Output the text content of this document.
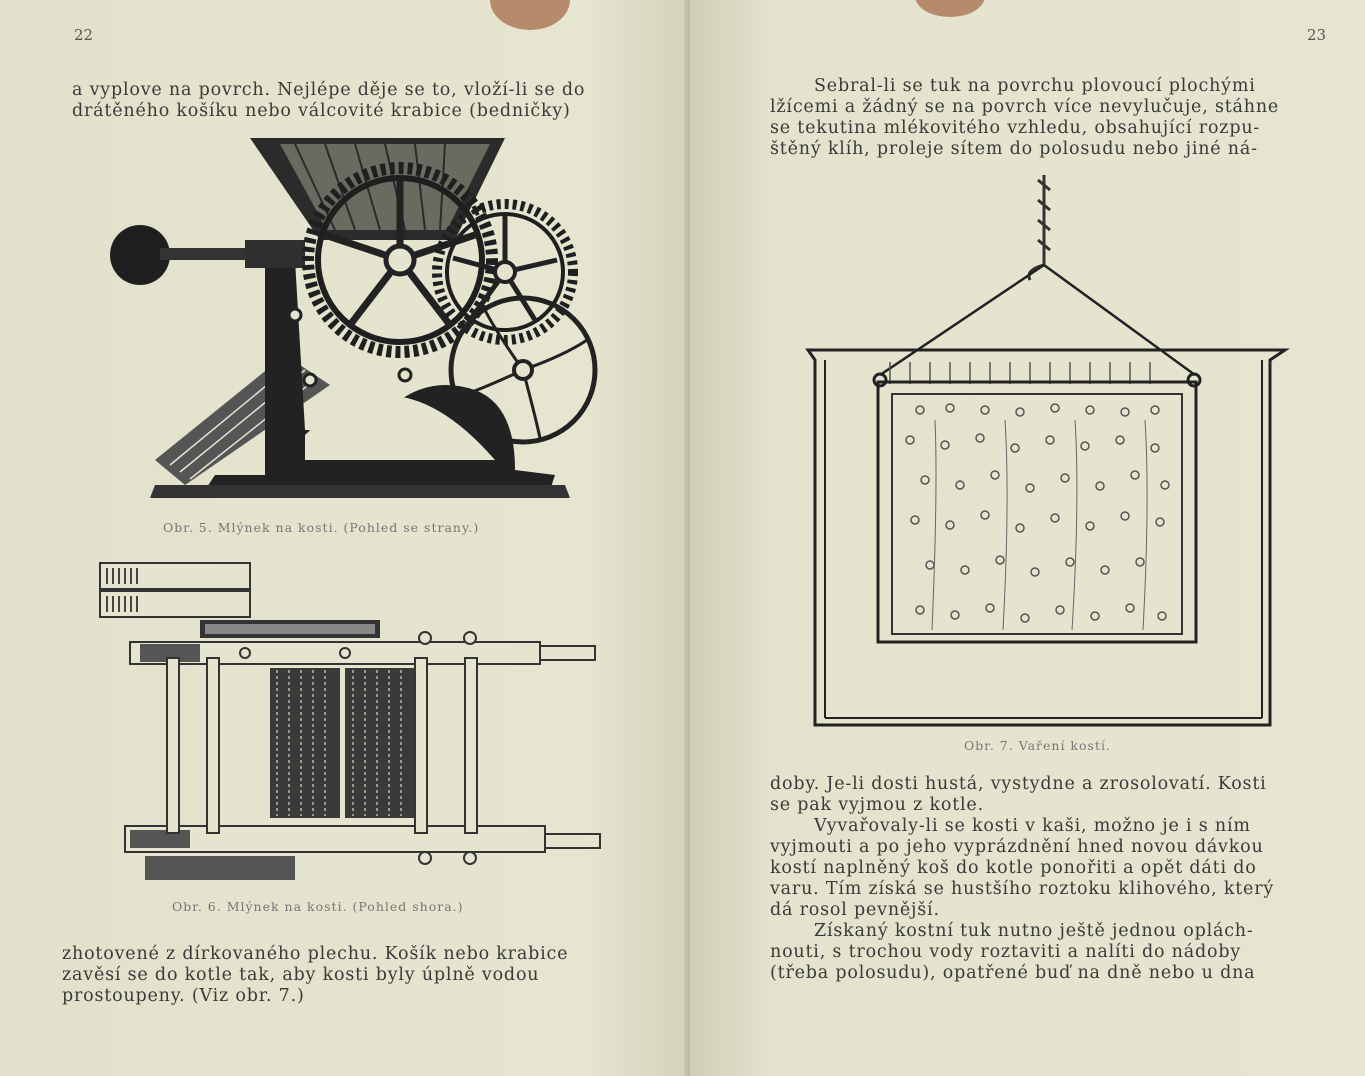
22

a vyplove na povrch. Nejlépe děje se to, vloží-li se do

drátěného košíku nebo válcovité krabice (bedničky)

Obr. 5. Mlýnek na kosti. (Pohled se strany.)
Obr. 6. Mlýnek na kosti. (Pohled shora.)

zhotovené z dírkovaného plechu. Košík nebo krabice

zavěsí se do kotle tak, aby kosti byly úplně vodou

prostoupeny. (Viz obr. 7.)

23

Sebral-li se tuk na povrchu plovoucí plochými

lžícemi a žádný se na povrch více nevylučuje, stáhne

se tekutina mlékovitého vzhledu, obsahující rozpu-

štěný klíh, proleje sítem do polosudu nebo jiné ná-

Obr. 7. Vaření kostí.

doby. Je-li dosti hustá, vystydne a zrosolovatí. Kosti

se pak vyjmou z kotle.

Vyvařovaly-li se kosti v kaši, možno je i s ním

vyjmouti a po jeho vyprázdnění hned novou dávkou

kostí naplněný koš do kotle ponořiti a opět dáti do

varu. Tím získá se hustšího roztoku klihového, který

dá rosol pevnější.

Získaný kostní tuk nutno ještě jednou oplách-

nouti, s trochou vody roztaviti a nalíti do nádoby

(třeba polosudu), opatřené buď na dně nebo u dna
